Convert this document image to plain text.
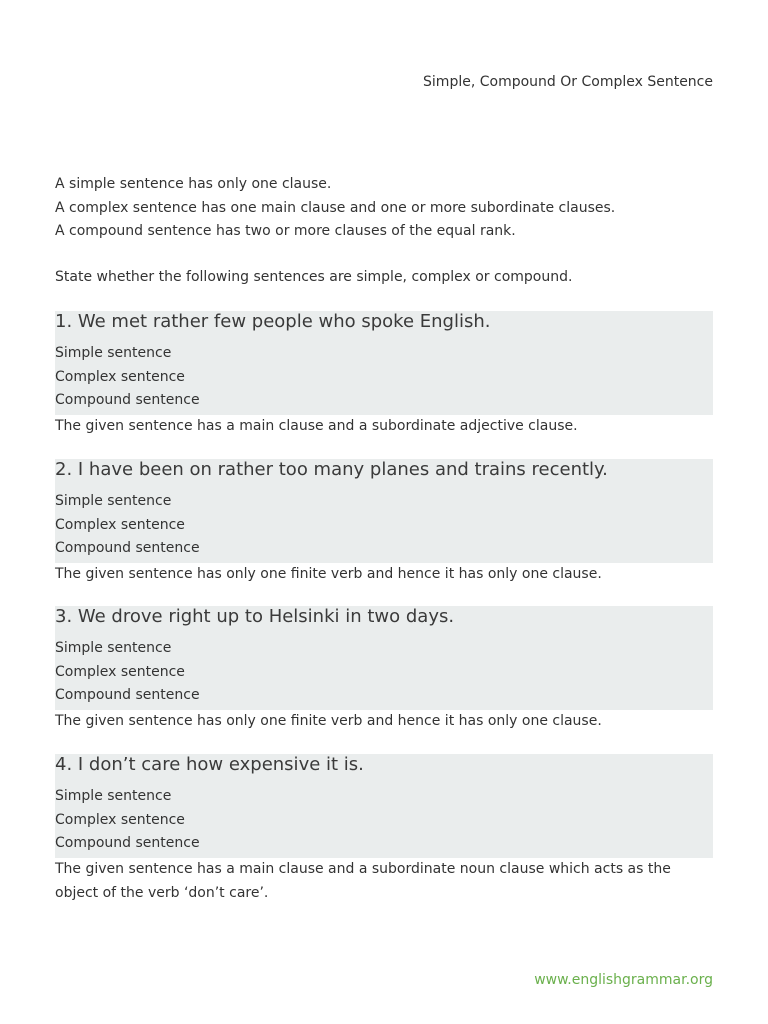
Simple, Compound Or Complex Sentence

A simple sentence has only one clause.

A complex sentence has one main clause and one or more subordinate clauses.

A compound sentence has two or more clauses of the equal rank.

State whether the following sentences are simple, complex or compound.
1. We met rather few people who spoke English.
Simple sentence
Complex sentence
Compound sentence
The given sentence has a main clause and a subordinate adjective clause.
2. I have been on rather too many planes and trains recently.
Simple sentence
Complex sentence
Compound sentence
The given sentence has only one finite verb and hence it has only one clause.
3. We drove right up to Helsinki in two days.
Simple sentence
Complex sentence
Compound sentence
The given sentence has only one finite verb and hence it has only one clause.
4. I don’t care how expensive it is.
Simple sentence
Complex sentence
Compound sentence
The given sentence has a main clause and a subordinate noun clause which acts as the object of the verb ‘don’t care’.
www.englishgrammar.org
